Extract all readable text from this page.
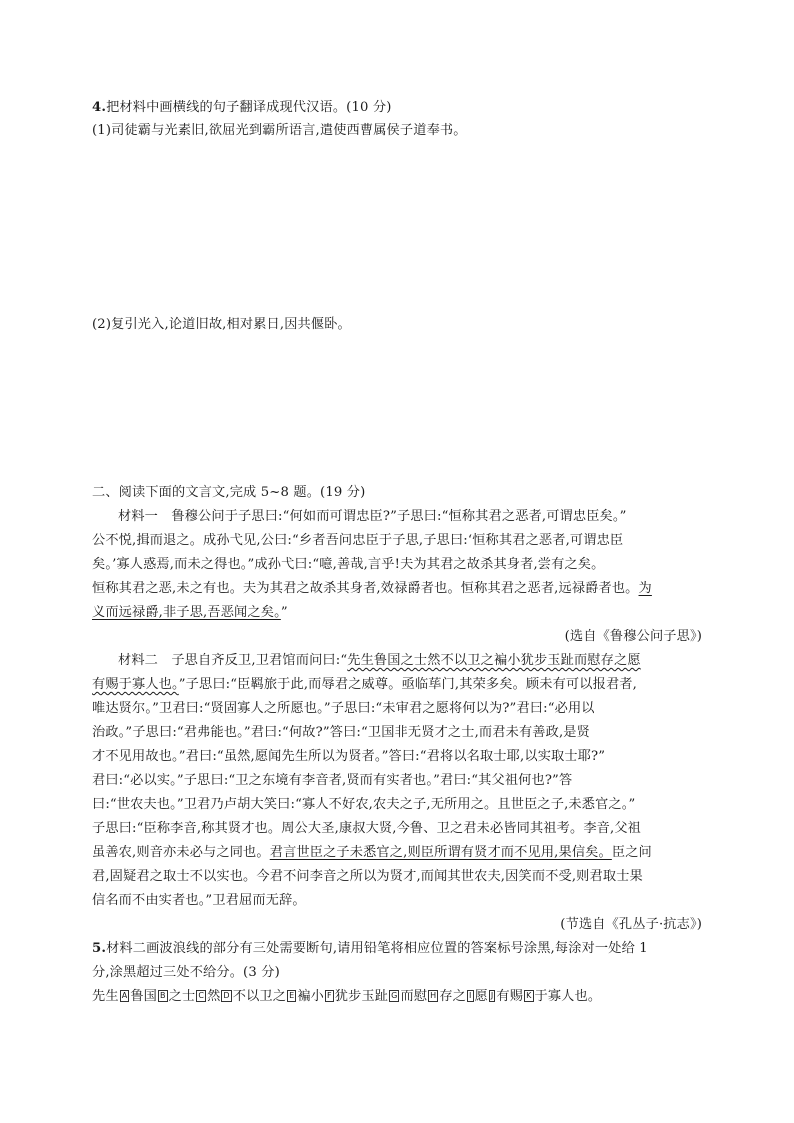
4.把材料中画横线的句子翻译成现代汉语。(10 分)
(1)司徒霸与光素旧,欲屈光到霸所语言,遣使西曹属侯子道奉书。
(2)复引光入,论道旧故,相对累日,因共偃卧。
二、阅读下面的文言文,完成 5~8 题。(19 分)
材料一　鲁穆公问于子思曰:“何如而可谓忠臣?”子思曰:“恒称其君之恶者,可谓忠臣矣。”
公不悦,揖而退之。成孙弋见,公曰:“乡者吾问忠臣于子思,子思曰:‘恒称其君之恶者,可谓忠臣
矣。’寡人惑焉,而未之得也。”成孙弋曰:“噫,善哉,言乎!夫为其君之故杀其身者,尝有之矣。
恒称其君之恶,未之有也。夫为其君之故杀其身者,效禄爵者也。恒称其君之恶者,远禄爵者也。为
义而远禄爵,非子思,吾恶闻之矣。”
(选自《鲁穆公问子思》)
材料二　子思自齐反卫,卫君馆而问曰:“先生鲁国之士然不以卫之褊小犹步玉趾而慰存之愿
有赐于寡人也。”子思曰:“臣羁旅于此,而辱君之威尊。亟临荜门,其荣多矣。顾未有可以报君者,
唯达贤尔。”卫君曰:“贤固寡人之所愿也。”子思曰:“未审君之愿将何以为?”君曰:“必用以
治政。”子思曰:“君弗能也。”君曰:“何故?”答曰:“卫国非无贤才之士,而君未有善政,是贤
才不见用故也。”君曰:“虽然,愿闻先生所以为贤者。”答曰:“君将以名取士耶,以实取士耶?”
君曰:“必以实。”子思曰:“卫之东境有李音者,贤而有实者也。”君曰:“其父祖何也?”答
曰:“世农夫也。”卫君乃卢胡大笑曰:“寡人不好农,农夫之子,无所用之。且世臣之子,未悉官之。”
子思曰:“臣称李音,称其贤才也。周公大圣,康叔大贤,今鲁、卫之君未必皆同其祖考。李音,父祖
虽善农,则音亦未必与之同也。君言世臣之子未悉官之,则臣所谓有贤才而不见用,果信矣。臣之问
君,固疑君之取士不以实也。今君不问李音之所以为贤才,而闻其世农夫,因笑而不受,则君取士果
信名而不由实者也。”卫君屈而无辞。
(节选自《孔丛子·抗志》)
5.材料二画波浪线的部分有三处需要断句,请用铅笔将相应位置的答案标号涂黑,每涂对一处给 1
分,涂黑超过三处不给分。(3 分)
先生 A 鲁国 B 之士 C 然 D 不以卫之 E 褊小 F 犹步玉趾 G 而慰 H 存之 I 愿 J 有赐 K 于寡人也。
